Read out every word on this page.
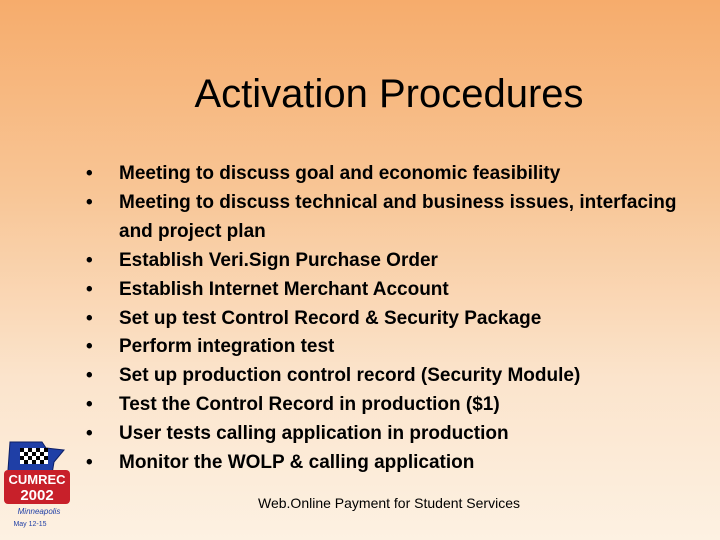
Activation Procedures
• Meeting to discuss goal and economic feasibility
• Meeting to discuss technical and business issues, interfacing and project plan
• Establish Veri.Sign Purchase Order
• Establish Internet Merchant Account
• Set up test Control Record & Security Package
• Perform integration test
• Set up production control record (Security Module)
• Test the Control Record in production ($1)
• User tests calling application in production
• Monitor the WOLP & calling application
Web.Online Payment for Student Services
CUMREC
2002
Minneapolis
May 12-15
